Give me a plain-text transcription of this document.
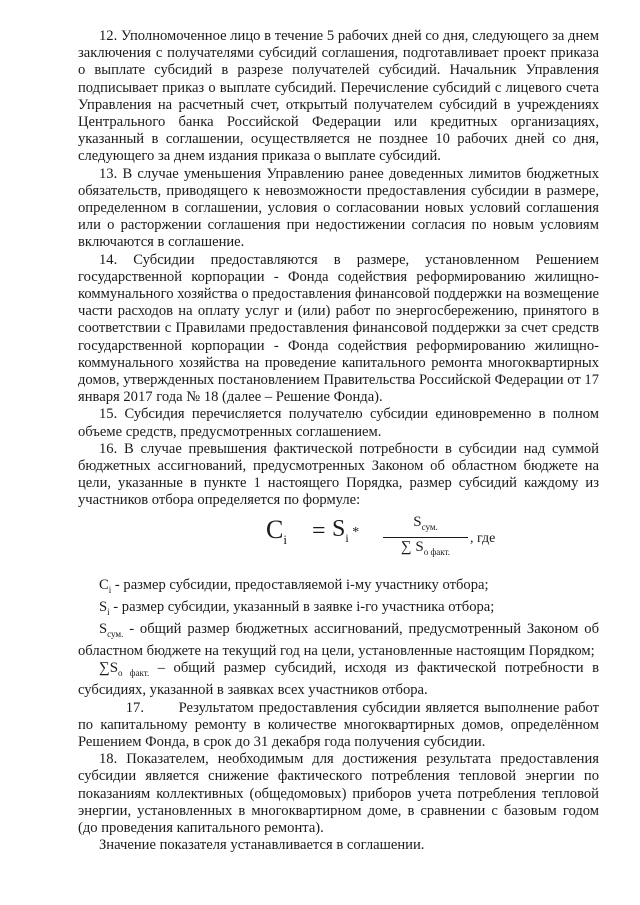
12. Уполномоченное лицо в течение 5 рабочих дней со дня, следующего за днем заключения с получателями субсидий соглашения, подготавливает проект приказа о выплате субсидий в разрезе получателей субсидий. Начальник Управления подписывает приказ о выплате субсидий. Перечисление субсидий с лицевого счета Управления на расчетный счет, открытый получателем субсидий в учреждениях Центрального банка Российской Федерации или кредитных организациях, указанный в соглашении, осуществляется не позднее 10 рабочих дней со дня, следующего за днем издания приказа о выплате субсидий.

13. В случае уменьшения Управлению ранее доведенных лимитов бюджетных обязательств, приводящего к невозможности предоставления субсидии в размере, определенном в соглашении, условия о согласовании новых условий соглашения или о расторжении соглашения при недостижении согласия по новым условиям включаются в соглашение.

14. Субсидии предоставляются в размере, установленном Решением государственной корпорации - Фонда содействия реформированию жилищно-коммунального хозяйства о предоставления финансовой поддержки на возмещение части расходов на оплату услуг и (или) работ по энергосбережению, принятого в соответствии с Правилами предоставления финансовой поддержки за счет средств государственной корпорации - Фонда содействия реформированию жилищно-коммунального хозяйства на проведение капитального ремонта многоквартирных домов, утвержденных постановлением Правительства Российской Федерации от 17 января 2017 года № 18 (далее – Решение Фонда).

15. Субсидия перечисляется получателю субсидии единовременно в полном объеме средств, предусмотренных соглашением.

16. В случае превышения фактической потребности в субсидии над суммой бюджетных ассигнований, предусмотренных Законом об областном бюджете на цели, указанные в пункте 1 настоящего Порядка, размер субсидий каждому из участников отбора определяется по формуле:

$C_i = S_i$ *
$S_{сум.}$
∑ $S_{о факт.}$
, где

$C_i$ - размер субсидии, предоставляемой i-му участнику отбора;

$S_i$ - размер субсидии, указанный в заявке i-го участника отбора;

$S_{сум.}$ - общий размер бюджетных ассигнований, предусмотренный Законом об областном бюджете на текущий год на цели, установленные настоящим Порядком;

$\sum S_{о факт.}$ – общий размер субсидий, исходя из фактической потребности в субсидиях, указанной в заявках всех участников отбора.

17. Результатом предоставления субсидии является выполнение работ по капитальному ремонту в количестве многоквартирных домов, определённом Решением Фонда, в срок до 31 декабря года получения субсидии.

18. Показателем, необходимым для достижения результата предоставления субсидии является снижение фактического потребления тепловой энергии по показаниям коллективных (общедомовых) приборов учета потребления тепловой энергии, установленных в многоквартирном доме, в сравнении с базовым годом (до проведения капитального ремонта).

Значение показателя устанавливается в соглашении.
